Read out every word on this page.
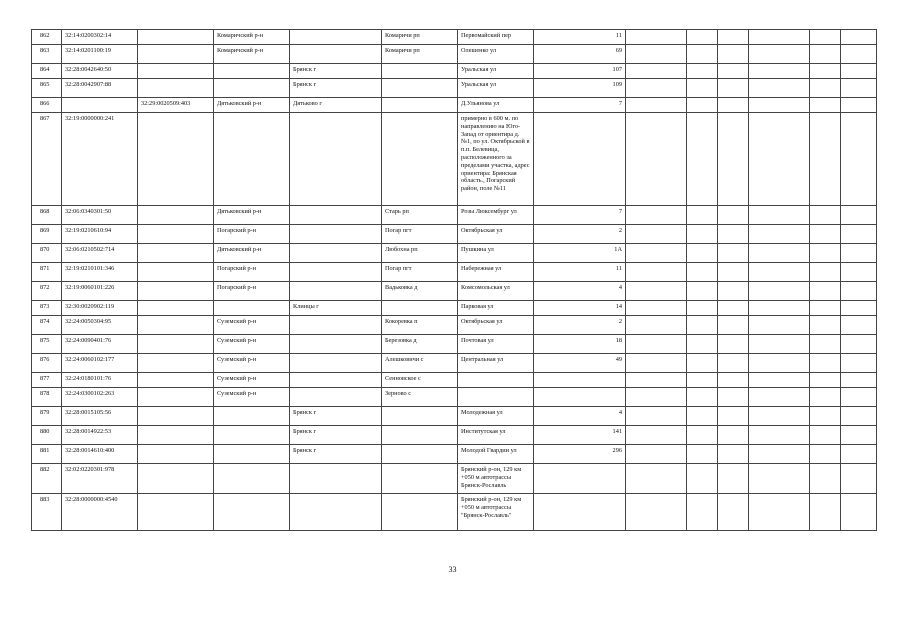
862	32:14:0200302:14		Комаричский р-н		Комаричи рп	Первомайский пер	11						
863	32:14:0201100:19		Комаричский р-н		Комаричи рп	Олешенко ул	69						
864	32:28:0042640:50			Брянск г		Уральская ул	107						
865	32:28:0042907:88			Брянск г		Уральская ул	109						
866		32:29:0020509:403	Дятьковский р-н	Дятьково г		Д.Ульянова ул	7						
867	32:19:0000000:241					примерно в 600 м. по направлению на Юго-Запад от ориентира д. №1, по ул. Октябрьской в п.п. Белевица, расположенного за пределами участка, адрес ориентира: Брянская область., Погарский район, поле №11							
868	32:06:0340301:50		Дятьковский р-н		Старь рп	Розы Люксембург ул	7						
869	32:19:0210610:94		Погарский р-н		Погар пгт	Октябрьская ул	2						
870	32:06:0210502:714		Дятьковский р-н		Любохна рп	Пушкина ул	1А						
871	32:19:0210101:346		Погарский р-н		Погар пгт	Набережная ул	11						
872	32:19:0060101:226		Погарский р-н		Вадьковка д	Комсомольская ул	4						
873	32:30:0020902:119			Клинцы г		Парковая ул	14						
874	32:24:0050304:95		Суземский р-н		Кокоревка п	Октябрьская ул	2						
875	32:24:0090401:76		Суземский р-н		Березовка д	Почтовая ул	18						
876	32:24:0060102:177		Суземский р-н		Алешковичи с	Центральная ул	49						
877	32:24:0180101:76		Суземский р-н		Сенновское с								
878	32:24:0300102:263		Суземский р-н		Зерново с								
879	32:28:0015105:56			Брянск г		Молодежная ул	4						
880	32:28:0014922:53			Брянск г		Институтская ул	141						
881	32:28:0014610:400			Брянск г		Молодой Гвардии ул	296						
882	32:02:0220301:978					Брянский р-он, 129 км +050 м автотрассы Брянск-Рославль							
883	32:28:0000000:4540					Брянский р-он, 129 км +050 м автотрассы "Брянск-Рославль"							
33
